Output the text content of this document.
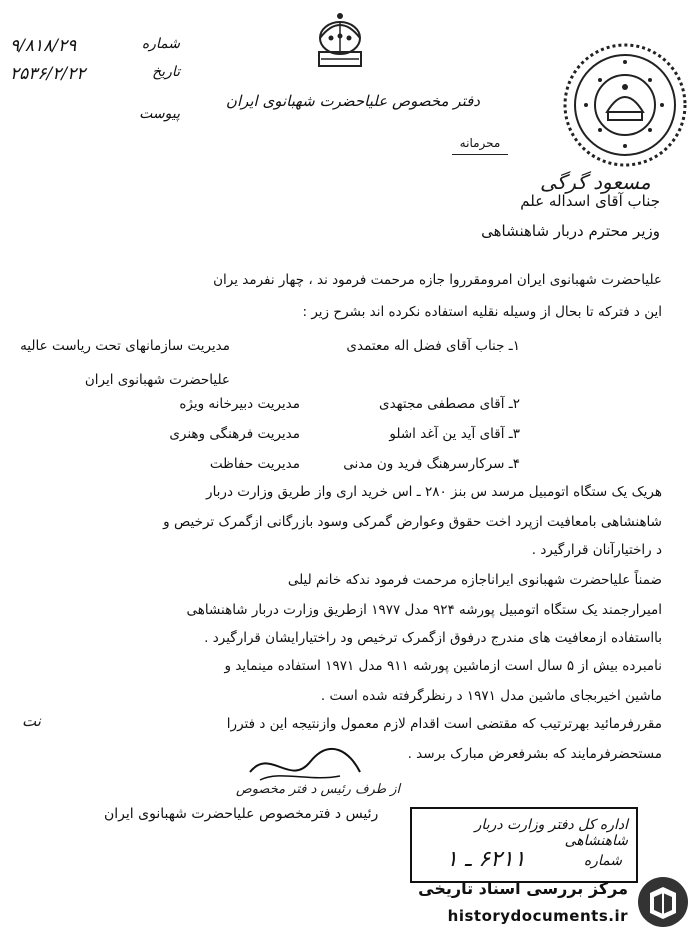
شماره
۹/۸۱۸/۲۹
تاریخ
۲۵۳۶/۲/۲۲
پیوست
دفتر مخصوص علیاحضرت شهبانوی ایران
محرمانه
مسعود گرگی
جناب آقای اسداله علم
وزیر محترم دربار شاهنشاهی
علیاحضرت شهبانوی ایران امرومقرروا جازه مرحمت فرمود ند ، چهار نفرمد یران
این د فترکه تا بحال از وسیله نقلیه استفاده نکرده اند بشرح زیر :
۱ـ جناب آقای فضل اله معتمدی
مدیریت سازمانهای تحت ریاست عالیه
علیاحضرت شهبانوی ایران
۲ـ آقای مصطفی مجتهدی
مدیریت دبیرخانه ویژه
۳ـ آقای آید ین آغد اشلو
مدیریت فرهنگی وهنری
۴ـ سرکارسرهنگ فرید ون مدنی
مدیریت حفاظت
هریک یک ستگاه اتومبیل مرسد س بنز ۲۸۰ ـ اس خرید اری واز طریق وزارت دربار
شاهنشاهی بامعافیت ازپرد اخت حقوق وعوارض گمرکی وسود بازرگانی ازگمرک ترخیص و
د راختیارآنان قرارگیرد .
ضمناً علیاحضرت شهبانوی ایراناجازه مرحمت فرمود ندکه خانم لیلی
امیرارجمند یک ستگاه اتومبیل پورشه ۹۲۴ مدل ۱۹۷۷ ازطریق وزارت دربار شاهنشاهی
بااستفاده ازمعافیت های مندرج درفوق ازگمرک ترخیص ود راختیارایشان قرارگیرد .
نامبرده بیش از ۵ سال است ازماشین پورشه ۹۱۱ مدل ۱۹۷۱ استفاده مینماید و
ماشین اخیربجای ماشین مدل ۱۹۷۱ د رنظرگرفته شده است .
نت	مقررفرمائید بهرترتیب که مقتضی است اقدام لازم معمول وازنتیجه این د فتررا
مستحضرفرمایند که بشرفعرض مبارک برسد .
از طرف رئیس د فتر مخصوص
رئیس د فترمخصوص علیاحضرت شهبانوی ایران
اداره کل دفتر وزارت دربار شاهنشاهی
شماره
۶۲۱۱ ـ ۱
مرکز بررسی اسناد تاریخی
historydocuments.ir
